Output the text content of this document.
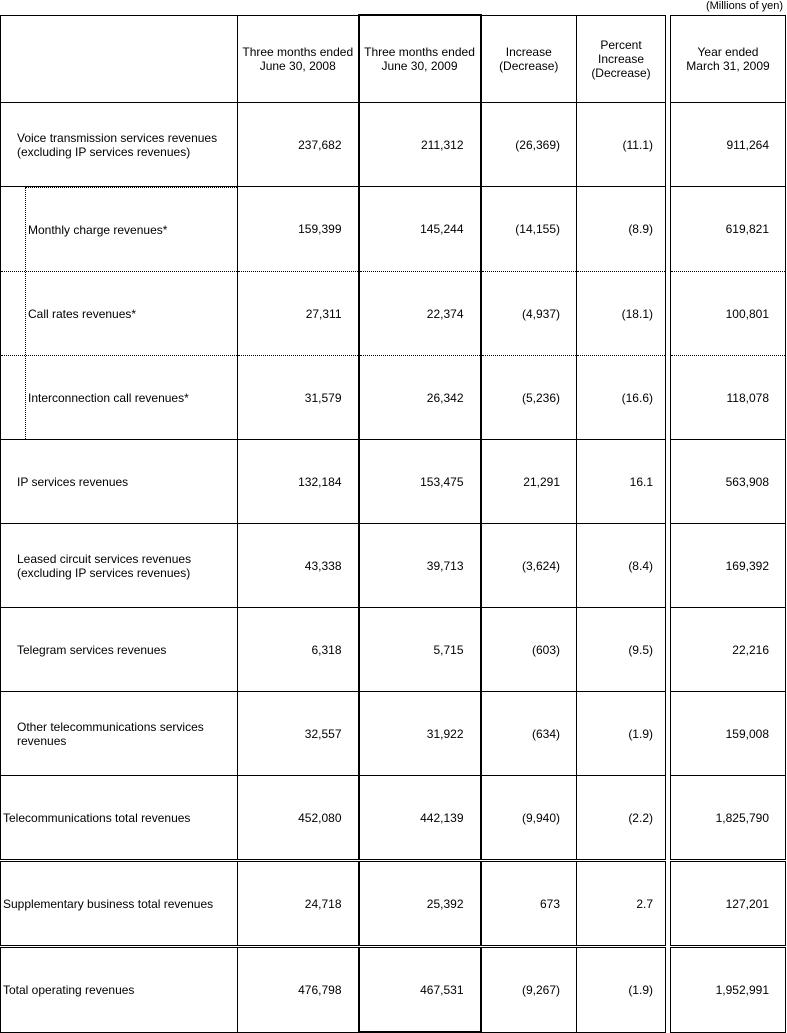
(Millions of yen)
	Three months ended
June 30, 2008	Three months ended
June 30, 2009	Increase
(Decrease)	Percent
Increase
(Decrease)		Year ended
March 31, 2009
Voice transmission services revenues
(excluding IP services revenues)	237,682	211,312	(26,369)	(11.1)		911,264

Monthly charge revenues*	159,399	145,244	(14,155)	(8.9)		619,821

Call rates revenues*	27,311	22,374	(4,937)	(18.1)		100,801

Interconnection call revenues*	31,579	26,342	(5,236)	(16.6)		118,078
IP services revenues	132,184	153,475	21,291	16.1		563,908
Leased circuit services revenues
(excluding IP services revenues)	43,338	39,713	(3,624)	(8.4)		169,392
Telegram services revenues	6,318	5,715	(603)	(9.5)		22,216
Other telecommunications services
revenues	32,557	31,922	(634)	(1.9)		159,008
Telecommunications total revenues	452,080	442,139	(9,940)	(2.2)		1,825,790
Supplementary business total revenues	24,718	25,392	673	2.7		127,201
Total operating revenues	476,798	467,531	(9,267)	(1.9)		1,952,991
